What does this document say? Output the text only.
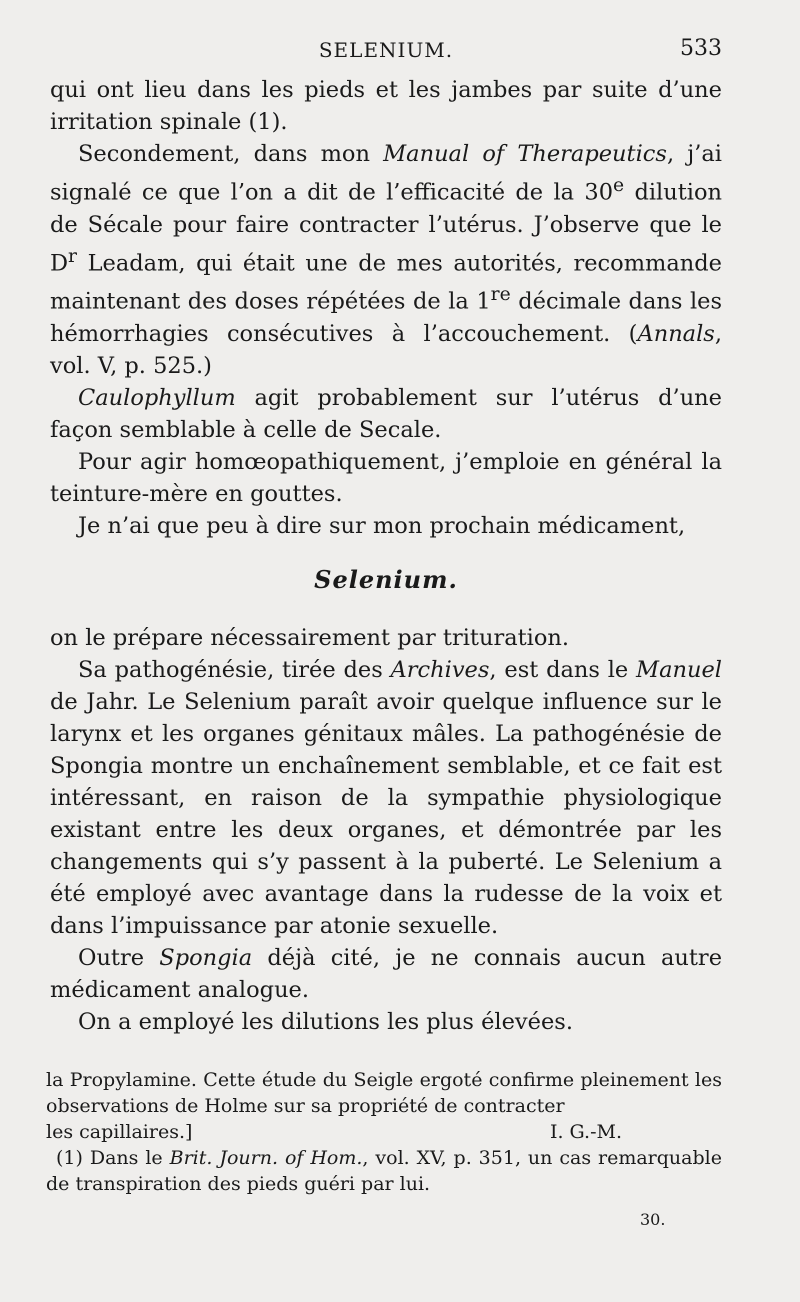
SELENIUM.	533

qui ont lieu dans les pieds et les jambes par suite d’une irritation spinale (1).

Secondement, dans mon Manual of Therapeutics, j’ai signalé ce que l’on a dit de l’efficacité de la 30e dilution de Sécale pour faire contracter l’utérus. J’observe que le $D^r$ Leadam, qui était une de mes autorités, recommande maintenant des doses répétées de la 1re décimale dans les hémorrhagies consécutives à l’accouchement. (Annals, vol. V, p. 525.)

Caulophyllum agit probablement sur l’utérus d’une façon semblable à celle de Secale.

Pour agir homœopathiquement, j’emploie en général la teinture-mère en gouttes.

Je n’ai que peu à dire sur mon prochain médicament,

Selenium.

on le prépare nécessairement par trituration.

Sa pathogénésie, tirée des Archives, est dans le Manuel de Jahr. Le Selenium paraît avoir quelque influence sur le larynx et les organes génitaux mâles. La pathogénésie de Spongia montre un enchaînement semblable, et ce fait est intéressant, en raison de la sympathie physiologique existant entre les deux organes, et démontrée par les changements qui s’y passent à la puberté. Le Selenium a été employé avec avantage dans la rudesse de la voix et dans l’impuissance par atonie sexuelle.

Outre Spongia déjà cité, je ne connais aucun autre médicament analogue.

On a employé les dilutions les plus élevées.

la Propylamine. Cette étude du Seigle ergoté confirme pleinement les observations de Holme sur sa propriété de contracter

les capillaires.]	I. G.-M.

(1) Dans le Brit. Journ. of Hom., vol. XV, p. 351, un cas remarquable de transpiration des pieds guéri par lui.

30.
